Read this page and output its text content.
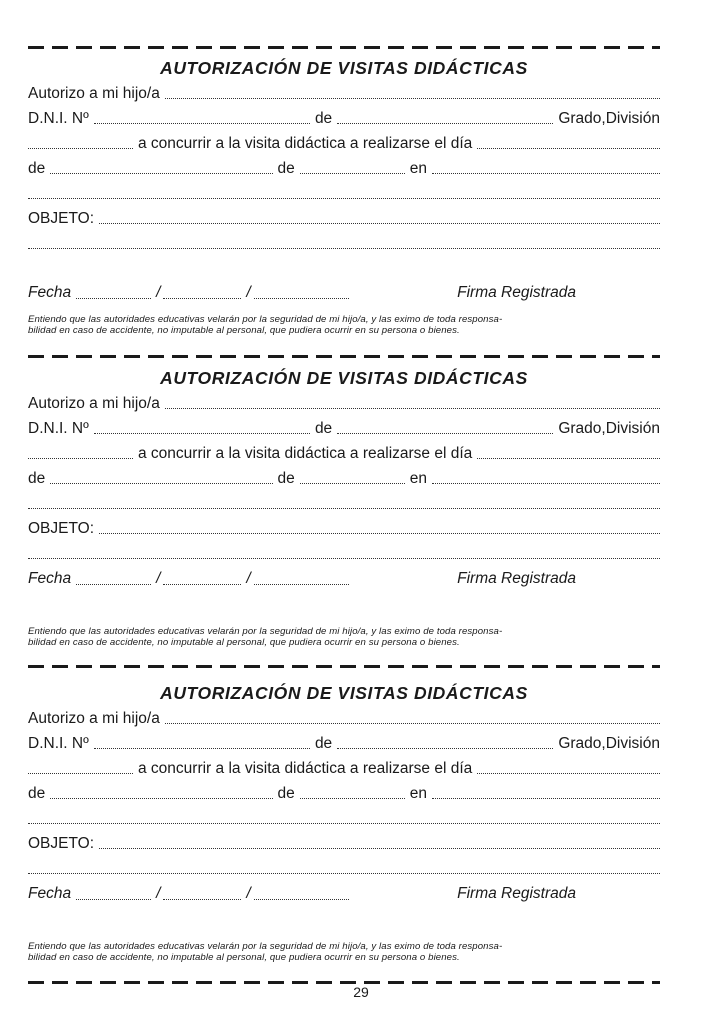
AUTORIZACIÓN DE VISITAS DIDÁCTICAS
Autorizo a mi hijo/a
D.N.I. Nº	de	Grado,División
a concurrir a la visita didáctica a realizarse el día
de	de	en
OBJETO:
Fecha	/	/	Firma Registrada
Entiendo que las autoridades educativas velarán por la seguridad de mi hijo/a, y las eximo de toda responsa-
bilidad en caso de accidente, no imputable al personal, que pudiera ocurrir en su persona o bienes.
AUTORIZACIÓN DE VISITAS DIDÁCTICAS
Autorizo a mi hijo/a
D.N.I. Nº	de	Grado,División
a concurrir a la visita didáctica a realizarse el día
de	de	en
OBJETO:
Fecha	/	/	Firma Registrada
Entiendo que las autoridades educativas velarán por la seguridad de mi hijo/a, y las eximo de toda responsa-
bilidad en caso de accidente, no imputable al personal, que pudiera ocurrir en su persona o bienes.
AUTORIZACIÓN DE VISITAS DIDÁCTICAS
Autorizo a mi hijo/a
D.N.I. Nº	de	Grado,División
a concurrir a la visita didáctica a realizarse el día
de	de	en
OBJETO:
Fecha	/	/	Firma Registrada
Entiendo que las autoridades educativas velarán por la seguridad de mi hijo/a, y las eximo de toda responsa-
bilidad en caso de accidente, no imputable al personal, que pudiera ocurrir en su persona o bienes.
29
